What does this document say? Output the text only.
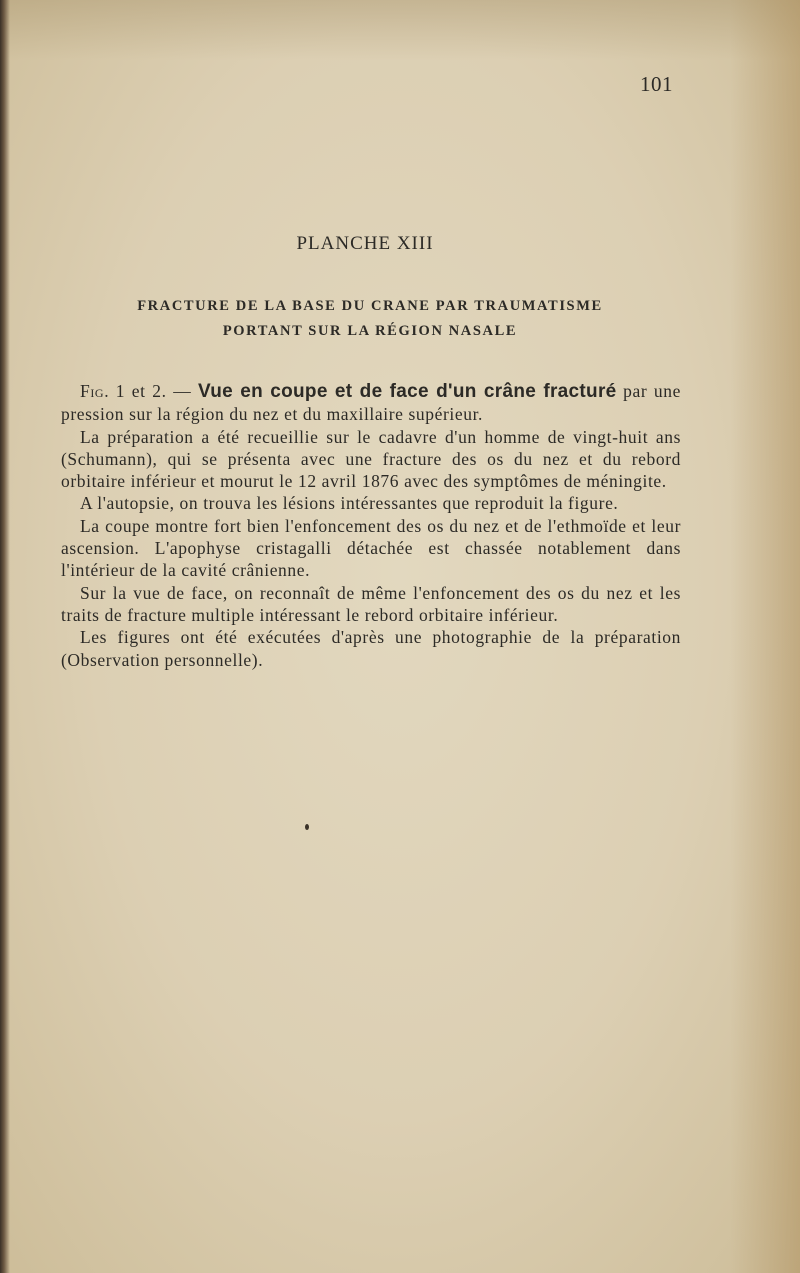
101
PLANCHE XIII
FRACTURE DE LA BASE DU CRANE PAR TRAUMATISME
PORTANT SUR LA RÉGION NASALE

Fig. 1 et 2. — Vue en coupe et de face d'un crâne fracturé par une pression sur la région du nez et du maxillaire supérieur.

La préparation a été recueillie sur le cadavre d'un homme de vingt-huit ans (Schumann), qui se présenta avec une fracture des os du nez et du rebord orbitaire inférieur et mourut le 12 avril 1876 avec des symptômes de méningite.

A l'autopsie, on trouva les lésions intéressantes que reproduit la figure.

La coupe montre fort bien l'enfoncement des os du nez et de l'ethmoïde et leur ascension. L'apophyse cristagalli détachée est chassée notablement dans l'intérieur de la cavité crânienne.

Sur la vue de face, on reconnaît de même l'enfoncement des os du nez et les traits de fracture multiple intéressant le rebord orbitaire inférieur.

Les figures ont été exécutées d'après une photographie de la préparation (Observation personnelle).
